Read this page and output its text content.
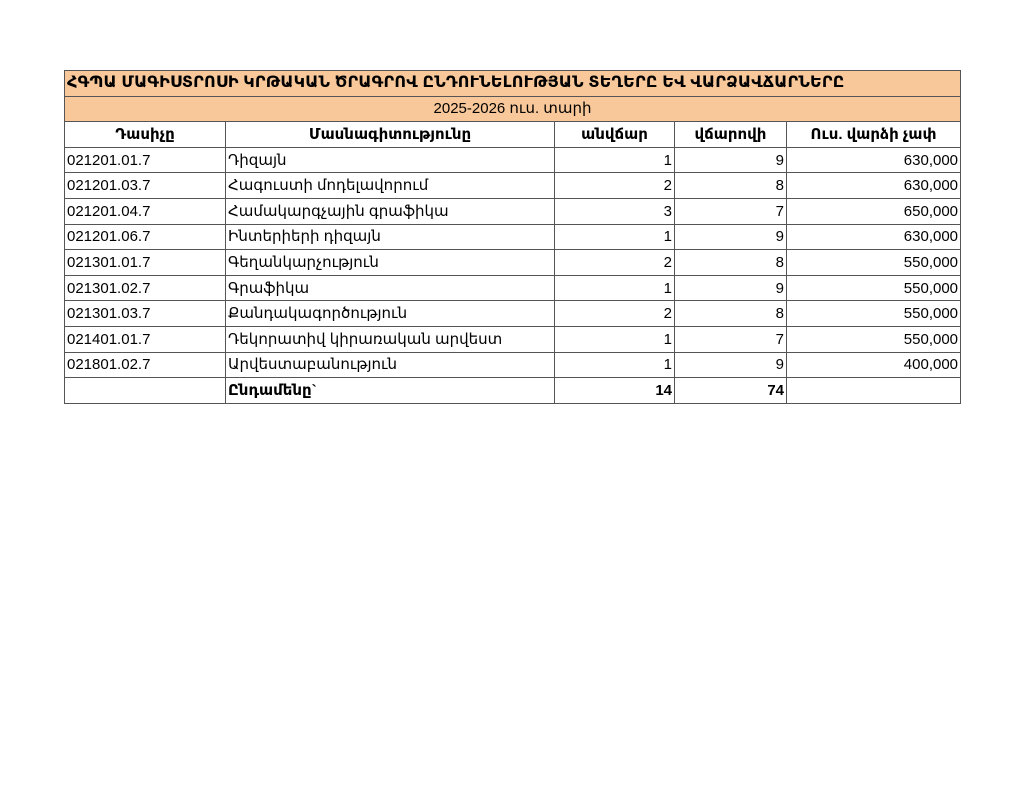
ՀԳՊԱ ՄԱԳԻՍՏՐՈՍԻ ԿՐԹԱԿԱՆ ԾՐԱԳՐՈՎ ԸՆԴՈՒՆԵԼՈՒԹՅԱՆ ՏԵՂԵՐԸ ԵՎ ՎԱՐՁԱՎՃԱՐՆԵՐԸ				
2025-2026 ուս. տարի				
Դասիչը	Մասնագիտությունը	անվճար	վճարովի	Ուս. վարձի չափ
021201.01.7	Դիզայն	1	9	630,000
021201.03.7	Հագուստի մոդելավորում	2	8	630,000
021201.04.7	Համակարգչային գրաֆիկա	3	7	650,000
021201.06.7	Ինտերիերի դիզայն	1	9	630,000
021301.01.7	Գեղանկարչություն	2	8	550,000
021301.02.7	Գրաֆիկա	1	9	550,000
021301.03.7	Քանդակագործություն	2	8	550,000
021401.01.7	Դեկորատիվ կիրառական արվեստ	1	7	550,000
021801.02.7	Արվեստաբանություն	1	9	400,000
	Ընդամենը`	14	74	
